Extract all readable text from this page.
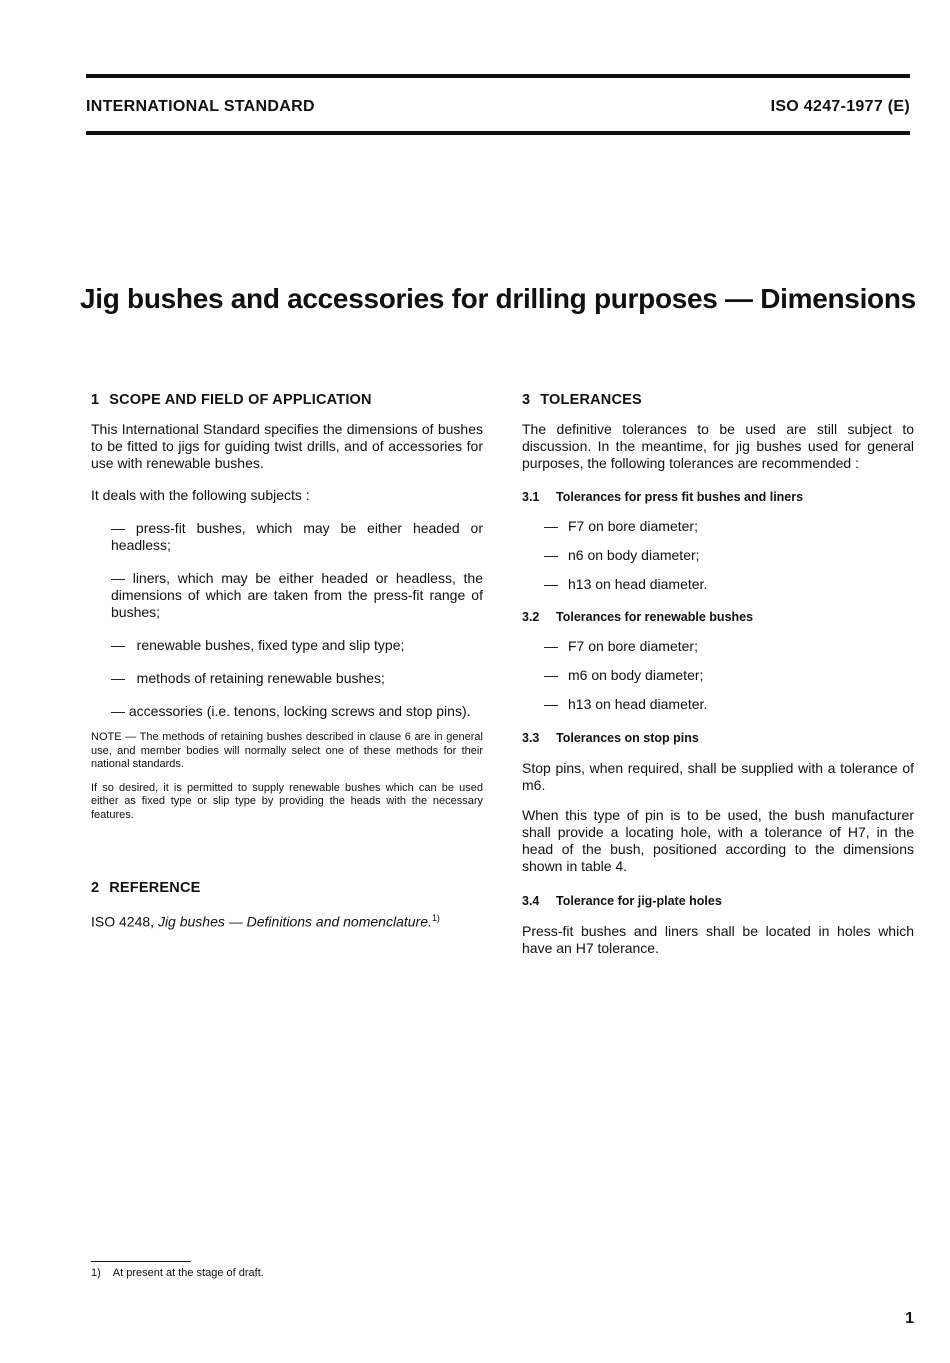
INTERNATIONAL STANDARD	ISO 4247-1977 (E)
Jig bushes and accessories for drilling purposes — Dimensions

1 SCOPE AND FIELD OF APPLICATION

This International Standard specifies the dimensions of bushes to be fitted to jigs for guiding twist drills, and of accessories for use with renewable bushes.

It deals with the following subjects :

— press-fit bushes, which may be either headed or headless;

— liners, which may be either headed or headless, the dimensions of which are taken from the press-fit range of bushes;

— renewable bushes, fixed type and slip type;

— methods of retaining renewable bushes;

— accessories (i.e. tenons, locking screws and stop pins).

NOTE — The methods of retaining bushes described in clause 6 are in general use, and member bodies will normally select one of these methods for their national standards.

If so desired, it is permitted to supply renewable bushes which can be used either as fixed type or slip type by providing the heads with the necessary features.

2 REFERENCE

ISO 4248, Jig bushes — Definitions and nomenclature.$^{1)}$

3 TOLERANCES

The definitive tolerances to be used are still subject to discussion. In the meantime, for jig bushes used for general purposes, the following tolerances are recommended :

3.1 Tolerances for press fit bushes and liners

— F7 on bore diameter;

— n6 on body diameter;

— h13 on head diameter.

3.2 Tolerances for renewable bushes

— F7 on bore diameter;

— m6 on body diameter;

— h13 on head diameter.

3.3 Tolerances on stop pins

Stop pins, when required, shall be supplied with a tolerance of m6.

When this type of pin is to be used, the bush manufacturer shall provide a locating hole, with a tolerance of H7, in the head of the bush, positioned according to the dimensions shown in table 4.

3.4 Tolerance for jig-plate holes

Press-fit bushes and liners shall be located in holes which have an H7 tolerance.

1) At present at the stage of draft.
1
